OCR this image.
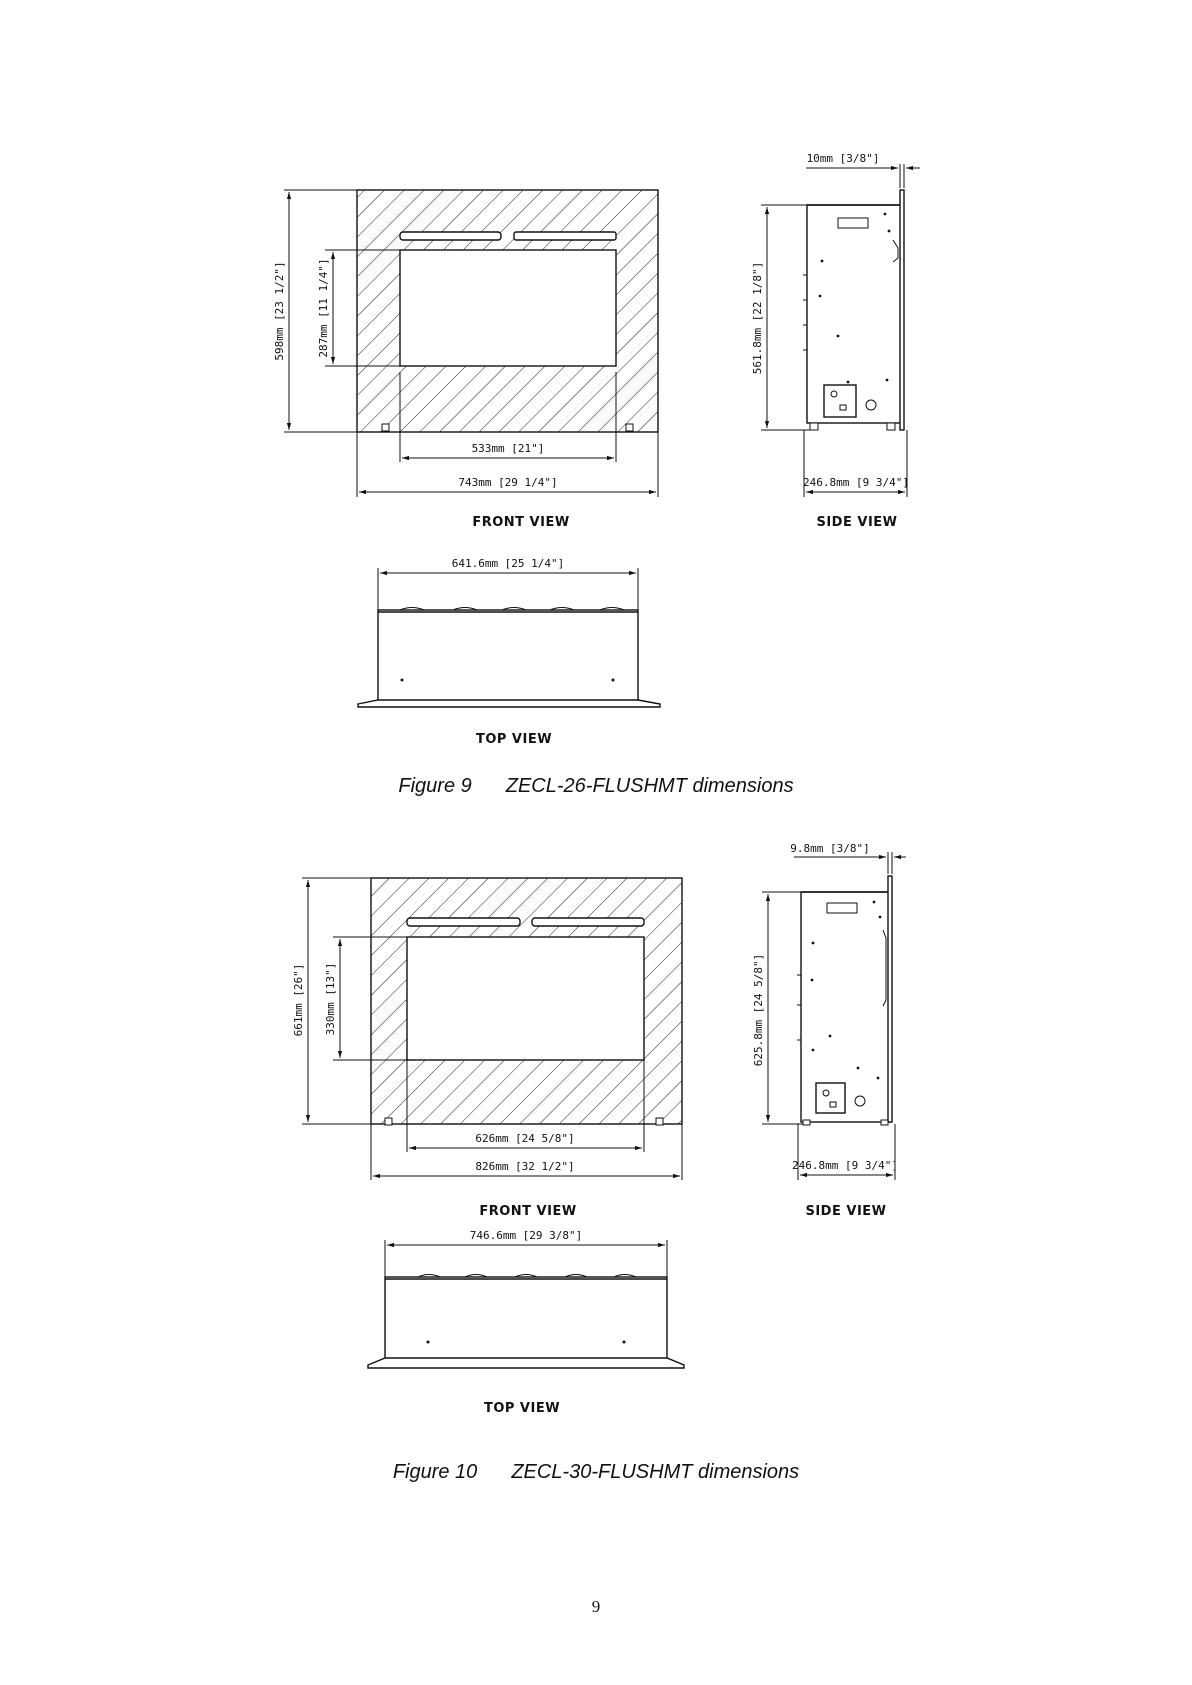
598mm [23 1/2"]	287mm [11 1/4"]
533mm [21"]
743mm [29 1/4"]
FRONT VIEW
10mm [3/8"]
561.8mm [22 1/8"]
246.8mm [9 3/4"]
SIDE VIEW
641.6mm [25 1/4"]
TOP VIEW
661mm [26"] 330mm [13"]
626mm [24 5/8"]
826mm [32 1/2"]
FRONT VIEW
9.8mm [3/8"]
625.8mm [24 5/8"]
246.8mm [9 3/4"]
SIDE VIEW
746.6mm [29 3/8"]
TOP VIEW
Figure 9 ZECL-26-FLUSHMT dimensions
Figure 10 ZECL-30-FLUSHMT dimensions
9
